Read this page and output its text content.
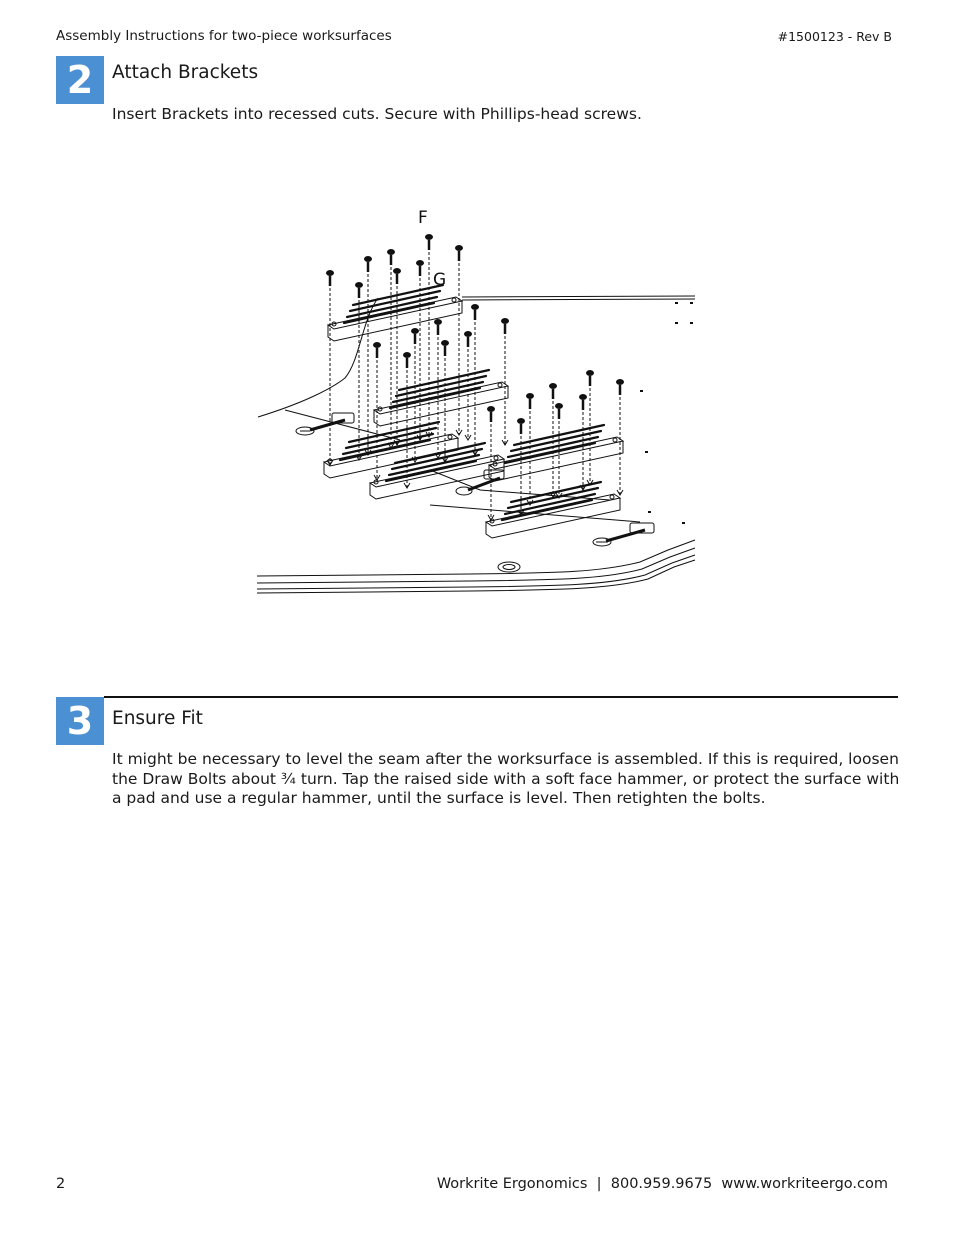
Assembly Instructions for two-piece worksurfaces	#1500123 - Rev B
2	Attach Brackets
Insert Brackets into recessed cuts. Secure with Phillips-head screws.
F
G
3	Ensure Fit
It might be necessary to level the seam after the worksurface is assembled. If this is required, loosen the Draw Bolts about ¾ turn. Tap the raised side with a soft face hammer, or protect the surface with a pad and use a regular hammer, until the surface is level. Then retighten the bolts.
2	Workrite Ergonomics  |  800.959.9675  www.workriteergo.com
